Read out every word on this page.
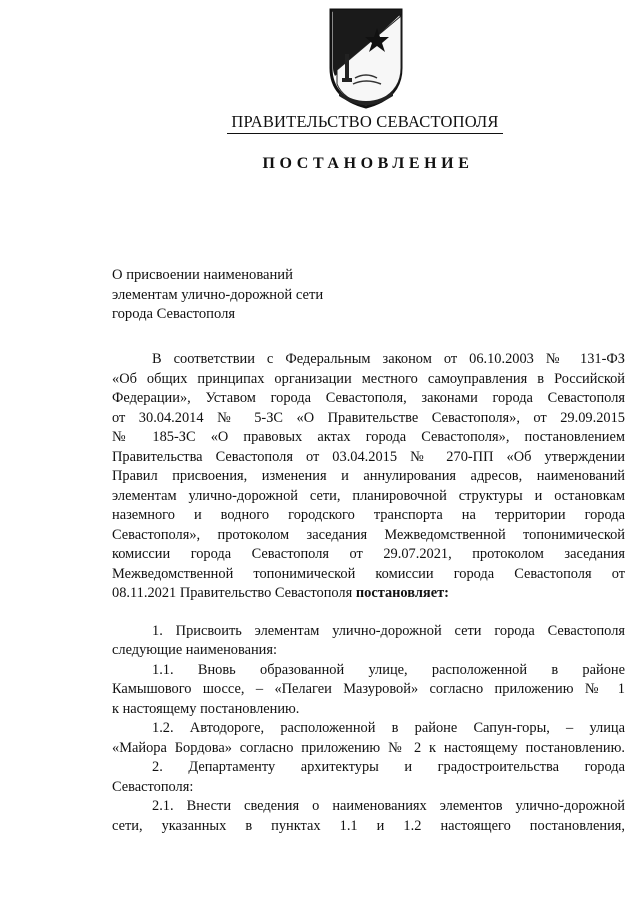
ПРАВИТЕЛЬСТВО СЕВАСТОПОЛЯ
ПОСТАНОВЛЕНИЕ
О присвоении наименований
элементам улично-дорожной сети
города Севастополя
В соответствии с Федеральным законом от 06.10.2003 № 131-ФЗ
«Об общих принципах организации местного самоуправления в Российской
Федерации», Уставом города Севастополя, законами города Севастополя
от 30.04.2014 № 5-ЗС «О Правительстве Севастополя», от 29.09.2015
№ 185-ЗС «О правовых актах города Севастополя», постановлением
Правительства Севастополя от 03.04.2015 № 270-ПП «Об утверждении
Правил присвоения, изменения и аннулирования адресов, наименований
элементам улично-дорожной сети, планировочной структуры и остановкам
наземного и водного городского транспорта на территории города
Севастополя», протоколом заседания Межведомственной топонимической
комиссии города Севастополя от 29.07.2021, протоколом заседания
Межведомственной топонимической комиссии города Севастополя от
08.11.2021 Правительство Севастополя постановляет:
1. Присвоить элементам улично-дорожной сети города Севастополя
следующие наименования:
1.1. Вновь образованной улице, расположенной в районе
Камышового шоссе, – «Пелагеи Мазуровой» согласно приложению № 1
к настоящему постановлению.
1.2. Автодороге, расположенной в районе Сапун-горы, – улица
«Майора Бордова» согласно приложению № 2 к настоящему постановлению.
2. Департаменту архитектуры и градостроительства города
Севастополя:
2.1. Внести сведения о наименованиях элементов улично-дорожной
сети, указанных в пунктах 1.1 и 1.2 настоящего постановления,
